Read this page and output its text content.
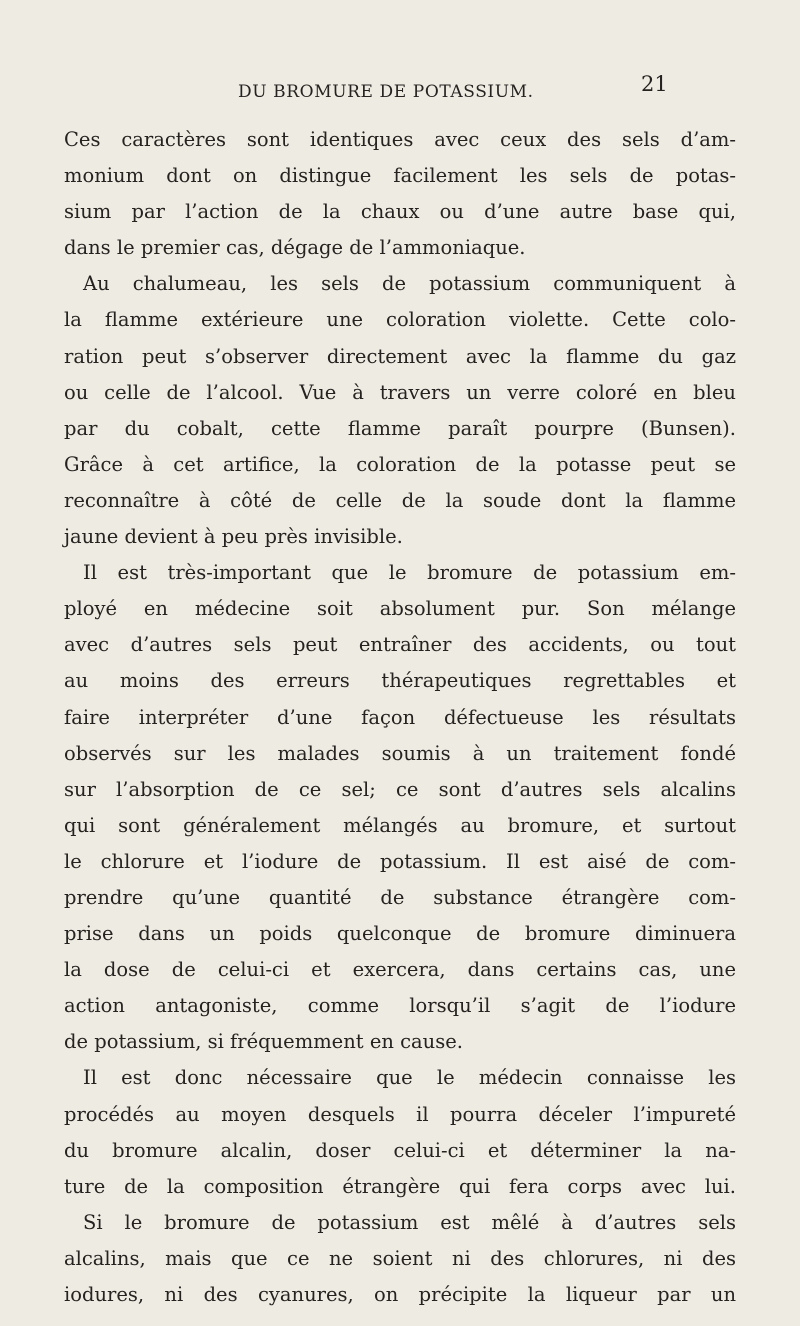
DU BROMURE DE POTASSIUM.	21
Ces caractères sont identiques avec ceux des sels d’am-
monium dont on distingue facilement les sels de potas-
sium par l’action de la chaux ou d’une autre base qui,
dans le premier cas, dégage de l’ammoniaque.
Au chalumeau, les sels de potassium communiquent à
la flamme extérieure une coloration violette. Cette colo-
ration peut s’observer directement avec la flamme du gaz
ou celle de l’alcool. Vue à travers un verre coloré en bleu
par du cobalt, cette flamme paraît pourpre (Bunsen).
Grâce à cet artifice, la coloration de la potasse peut se
reconnaître à côté de celle de la soude dont la flamme
jaune devient à peu près invisible.
Il est très-important que le bromure de potassium em-
ployé en médecine soit absolument pur. Son mélange
avec d’autres sels peut entraîner des accidents, ou tout
au moins des erreurs thérapeutiques regrettables et
faire interpréter d’une façon défectueuse les résultats
observés sur les malades soumis à un traitement fondé
sur l’absorption de ce sel; ce sont d’autres sels alcalins
qui sont généralement mélangés au bromure, et surtout
le chlorure et l’iodure de potassium. Il est aisé de com-
prendre qu’une quantité de substance étrangère com-
prise dans un poids quelconque de bromure diminuera
la dose de celui-ci et exercera, dans certains cas, une
action antagoniste, comme lorsqu’il s’agit de l’iodure
de potassium, si fréquemment en cause.
Il est donc nécessaire que le médecin connaisse les
procédés au moyen desquels il pourra déceler l’impureté
du bromure alcalin, doser celui-ci et déterminer la na-
ture de la composition étrangère qui fera corps avec lui.
Si le bromure de potassium est mêlé à d’autres sels
alcalins, mais que ce ne soient ni des chlorures, ni des
iodures, ni des cyanures, on précipite la liqueur par un
